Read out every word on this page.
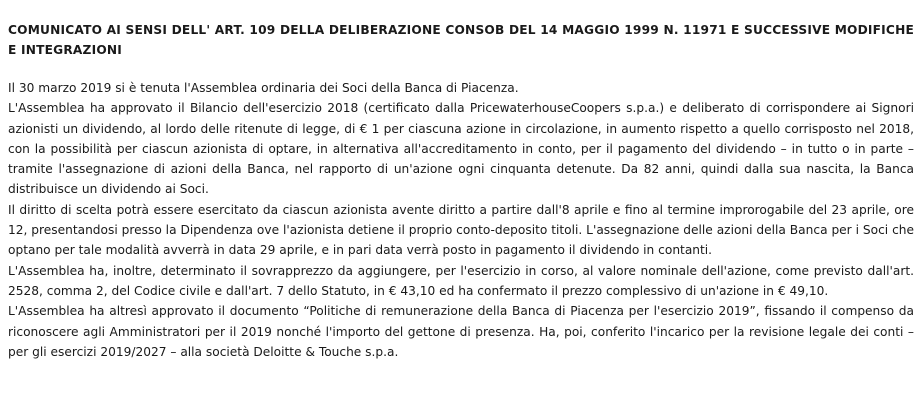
COMUNICATO AI SENSI DELL' ART. 109 DELLA DELIBERAZIONE CONSOB DEL 14 MAGGIO 1999 N. 11971 E SUCCESSIVE MODIFICHE E INTEGRAZIONI

Il 30 marzo 2019 si è tenuta l'Assemblea ordinaria dei Soci della Banca di Piacenza.

L'Assemblea ha approvato il Bilancio dell'esercizio 2018 (certificato dalla PricewaterhouseCoopers s.p.a.) e deliberato di corrispondere ai Signori azionisti un dividendo, al lordo delle ritenute di legge, di € 1 per ciascuna azione in circolazione, in aumento rispetto a quello corrisposto nel 2018, con la possibilità per ciascun azionista di optare, in alternativa all'accreditamento in conto, per il pagamento del dividendo – in tutto o in parte – tramite l'assegnazione di azioni della Banca, nel rapporto di un'azione ogni cinquanta detenute. Da 82 anni, quindi dalla sua nascita, la Banca distribuisce un dividendo ai Soci.

Il diritto di scelta potrà essere esercitato da ciascun azionista avente diritto a partire dall'8 aprile e fino al termine improrogabile del 23 aprile, ore 12, presentandosi presso la Dipendenza ove l'azionista detiene il proprio conto-deposito titoli. L'assegnazione delle azioni della Banca per i Soci che optano per tale modalità avverrà in data 29 aprile, e in pari data verrà posto in pagamento il dividendo in contanti.

L'Assemblea ha, inoltre, determinato il sovrapprezzo da aggiungere, per l'esercizio in corso, al valore nominale dell'azione, come previsto dall'art. 2528, comma 2, del Codice civile e dall'art. 7 dello Statuto, in € 43,10 ed ha confermato il prezzo complessivo di un'azione in € 49,10.

L'Assemblea ha altresì approvato il documento “Politiche di remunerazione della Banca di Piacenza per l'esercizio 2019”, fissando il compenso da riconoscere agli Amministratori per il 2019 nonché l'importo del gettone di presenza. Ha, poi, conferito l'incarico per la revisione legale dei conti – per gli esercizi 2019/2027 – alla società Deloitte & Touche s.p.a.
